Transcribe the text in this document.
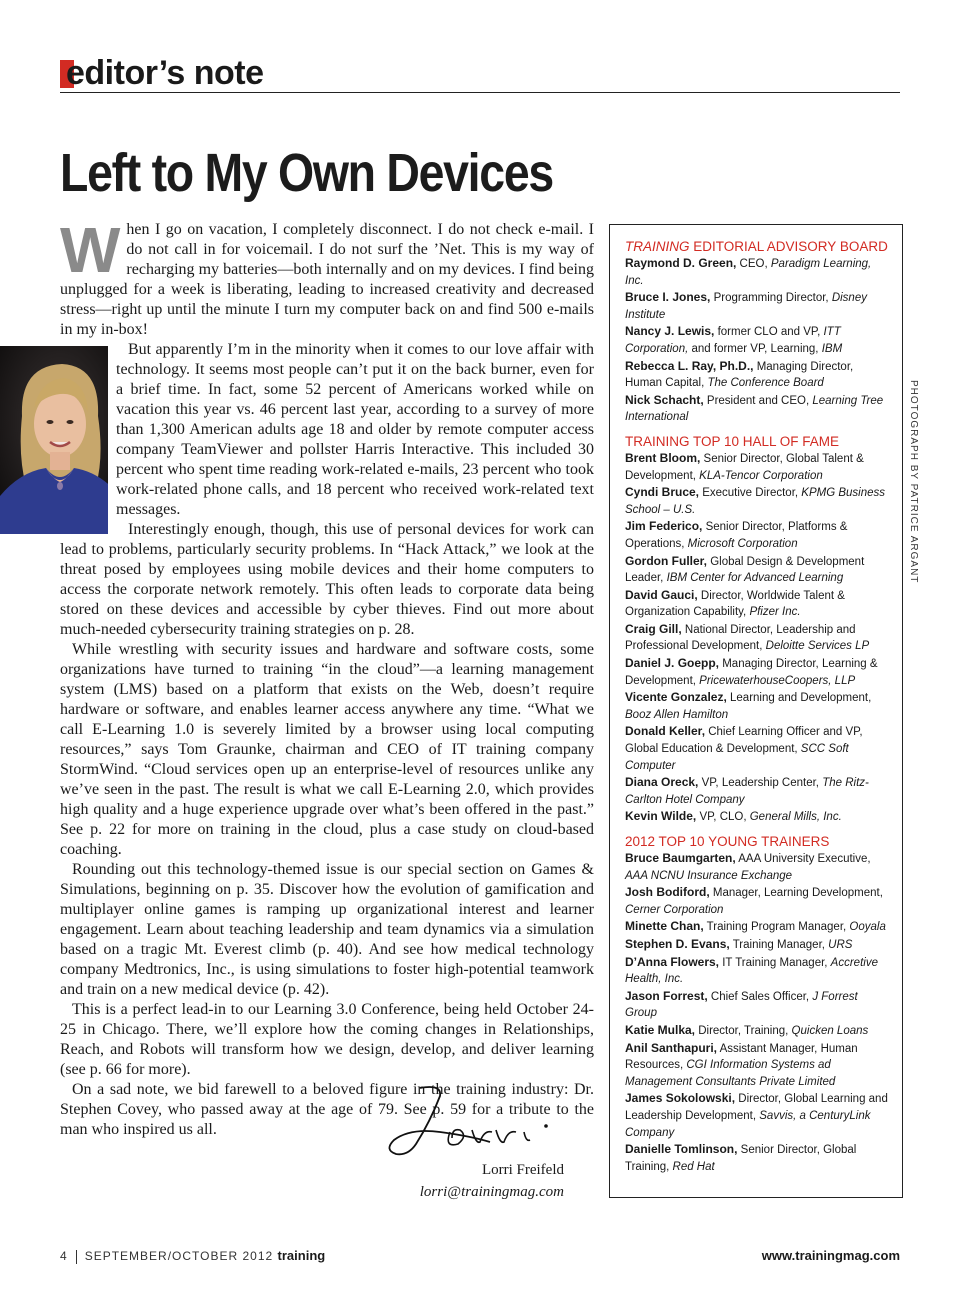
editor’s note
Left to My Own Devices

When I go on vacation, I completely disconnect. I do not check e-mail. I do not call in for voicemail. I do not surf the ’Net. This is my way of recharging my batteries—both internally and on my devices. I find being unplugged for a week is liberating, leading to increased creativity and decreased stress—right up until the minute I turn my computer back on and find 500 e-mails in my in-box!

But apparently I’m in the minority when it comes to our love affair with technology. It seems most people can’t put it on the back burner, even for a brief time. In fact, some 52 percent of Americans worked while on vacation this year vs. 46 percent last year, according to a survey of more than 1,300 American adults age 18 and older by remote computer access company TeamViewer and pollster Harris Interactive. This included 30 percent who spent time reading work-related e-mails, 23 percent who took work-related phone calls, and 18 percent who received work-related text messages.

Interestingly enough, though, this use of personal devices for work can lead to problems, particularly security problems. In “Hack Attack,” we look at the threat posed by employees using mobile devices and their home computers to access the corporate network remotely. This often leads to corporate data being stored on these devices and accessible by cyber thieves. Find out more about much-needed cybersecurity training strategies on p. 28.

While wrestling with security issues and hardware and software costs, some organizations have turned to training “in the cloud”—a learning management system (LMS) based on a platform that exists on the Web, doesn’t require hardware or software, and enables learner access anywhere any time. “What we call E-Learning 1.0 is severely limited by a browser using local computing resources,” says Tom Graunke, chairman and CEO of IT training company StormWind. “Cloud services open up an enterprise-level of resources unlike any we’ve seen in the past. The result is what we call E-Learning 2.0, which provides high quality and a huge experience upgrade over what’s been offered in the past.” See p. 22 for more on training in the cloud, plus a case study on cloud-based coaching.

Rounding out this technology-themed issue is our special section on Games & Simulations, beginning on p. 35. Discover how the evolution of gamification and multiplayer online games is ramping up organizational interest and learner engagement. Learn about teaching leadership and team dynamics via a simulation based on a tragic Mt. Everest climb (p. 40). And see how medical technology company Medtronics, Inc., is using simulations to foster high-potential teamwork and train on a new medical device (p. 42).

This is a perfect lead-in to our Learning 3.0 Conference, being held October 24-25 in Chicago. There, we’ll explore how the coming changes in Relationships, Reach, and Robots will transform how we design, develop, and deliver learning (see p. 66 for more).

On a sad note, we bid farewell to a beloved figure in the training industry: Dr. Stephen Covey, who passed away at the age of 79. See p. 59 for a tribute to the man who inspired us all.

Lorri Freifeld
lorri@trainingmag.com
TRAINING EDITORIAL ADVISORY BOARD
Raymond D. Green, CEO, Paradigm Learning, Inc.
Bruce I. Jones, Programming Director, Disney Institute
Nancy J. Lewis, former CLO and VP, ITT Corporation, and former VP, Learning, IBM
Rebecca L. Ray, Ph.D., Managing Director, Human Capital, The Conference Board
Nick Schacht, President and CEO, Learning Tree International
TRAINING TOP 10 HALL OF FAME
Brent Bloom, Senior Director, Global Talent & Development, KLA-Tencor Corporation
Cyndi Bruce, Executive Director, KPMG Business School – U.S.
Jim Federico, Senior Director, Platforms & Operations, Microsoft Corporation
Gordon Fuller, Global Design & Development Leader, IBM Center for Advanced Learning
David Gauci, Director, Worldwide Talent & Organization Capability, Pfizer Inc.
Craig Gill, National Director, Leadership and Professional Development, Deloitte Services LP
Daniel J. Goepp, Managing Director, Learning & Development, PricewaterhouseCoopers, LLP
Vicente Gonzalez, Learning and Development, Booz Allen Hamilton
Donald Keller, Chief Learning Officer and VP, Global Education & Development, SCC Soft Computer
Diana Oreck, VP, Leadership Center, The Ritz-Carlton Hotel Company
Kevin Wilde, VP, CLO, General Mills, Inc.
2012 TOP 10 YOUNG TRAINERS
Bruce Baumgarten, AAA University Executive, AAA NCNU Insurance Exchange
Josh Bodiford, Manager, Learning Development, Cerner Corporation
Minette Chan, Training Program Manager, Ooyala
Stephen D. Evans, Training Manager, URS
D’Anna Flowers, IT Training Manager, Accretive Health, Inc.
Jason Forrest, Chief Sales Officer, J Forrest Group
Katie Mulka, Director, Training, Quicken Loans
Anil Santhapuri, Assistant Manager, Human Resources, CGI Information Systems ad Management Consultants Private Limited
James Sokolowski, Director, Global Learning and Leadership Development, Savvis, a CenturyLink Company
Danielle Tomlinson, Senior Director, Global Training, Red Hat
PHOTOGRAPH BY PATRICE ARGANT
4 SEPTEMBER/OCTOBER 2012 training	www.trainingmag.com
